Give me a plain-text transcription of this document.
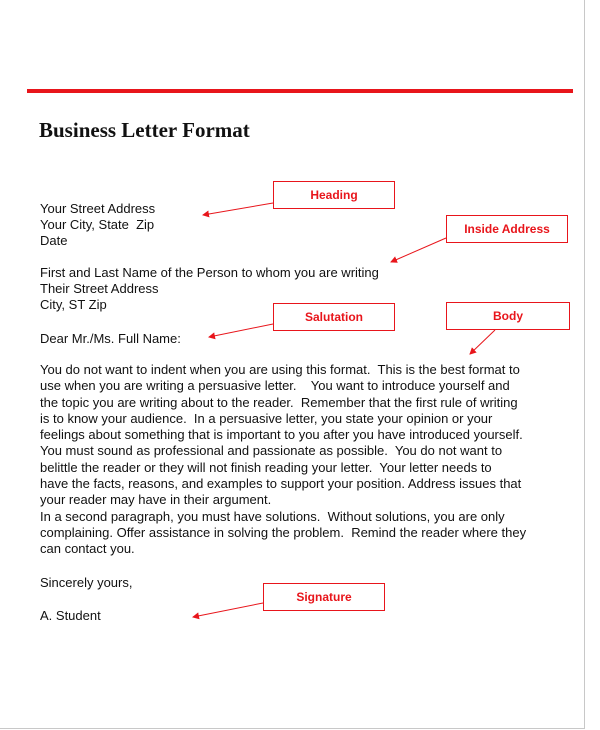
Business Letter Format
Your Street Address
Your City, State  Zip
Date
First and Last Name of the Person to whom you are writing
Their Street Address
City, ST Zip
Dear Mr./Ms. Full Name:
You do not want to indent when you are using this format.  This is the best format to
use when you are writing a persuasive letter.    You want to introduce yourself and
the topic you are writing about to the reader.  Remember that the first rule of writing
is to know your audience.  In a persuasive letter, you state your opinion or your
feelings about something that is important to you after you have introduced yourself.
You must sound as professional and passionate as possible.  You do not want to
belittle the reader or they will not finish reading your letter.  Your letter needs to
have the facts, reasons, and examples to support your position. Address issues that
your reader may have in their argument.
In a second paragraph, you must have solutions.  Without solutions, you are only
complaining. Offer assistance in solving the problem.  Remind the reader where they
can contact you.
Sincerely yours,
A. Student
Heading
Inside Address
Salutation	Body
Signature
